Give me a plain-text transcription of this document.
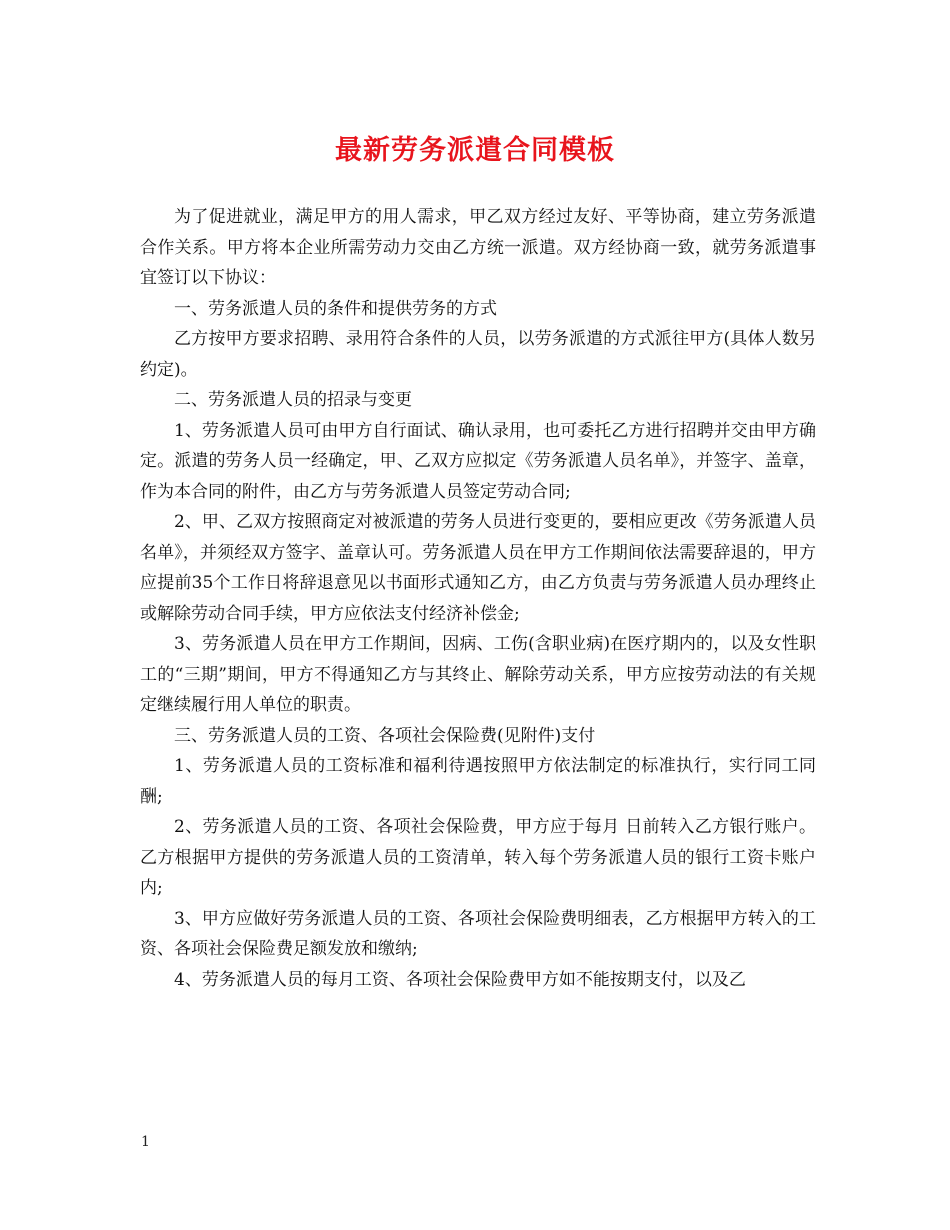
最新劳务派遣合同模板

为了促进就业，满足甲方的用人需求，甲乙双方经过友好、平等协商，建立劳务派遣合作关系。甲方将本企业所需劳动力交由乙方统一派遣。双方经协商一致，就劳务派遣事宜签订以下协议：

一、劳务派遣人员的条件和提供劳务的方式

乙方按甲方要求招聘、录用符合条件的人员，以劳务派遣的方式派往甲方(具体人数另约定)。

二、劳务派遣人员的招录与变更

1、劳务派遣人员可由甲方自行面试、确认录用，也可委托乙方进行招聘并交由甲方确定。派遣的劳务人员一经确定，甲、乙双方应拟定《劳务派遣人员名单》，并签字、盖章，作为本合同的附件，由乙方与劳务派遣人员签定劳动合同;

2、甲、乙双方按照商定对被派遣的劳务人员进行变更的，要相应更改《劳务派遣人员名单》，并须经双方签字、盖章认可。劳务派遣人员在甲方工作期间依法需要辞退的，甲方应提前35个工作日将辞退意见以书面形式通知乙方，由乙方负责与劳务派遣人员办理终止或解除劳动合同手续，甲方应依法支付经济补偿金;

3、劳务派遣人员在甲方工作期间，因病、工伤(含职业病)在医疗期内的，以及女性职工的“三期”期间，甲方不得通知乙方与其终止、解除劳动关系，甲方应按劳动法的有关规定继续履行用人单位的职责。

三、劳务派遣人员的工资、各项社会保险费(见附件)支付

1、劳务派遣人员的工资标准和福利待遇按照甲方依法制定的标准执行，实行同工同酬;

2、劳务派遣人员的工资、各项社会保险费，甲方应于每月 日前转入乙方银行账户。乙方根据甲方提供的劳务派遣人员的工资清单，转入每个劳务派遣人员的银行工资卡账户内;

3、甲方应做好劳务派遣人员的工资、各项社会保险费明细表，乙方根据甲方转入的工资、各项社会保险费足额发放和缴纳;

4、劳务派遣人员的每月工资、各项社会保险费甲方如不能按期支付，以及乙

1
